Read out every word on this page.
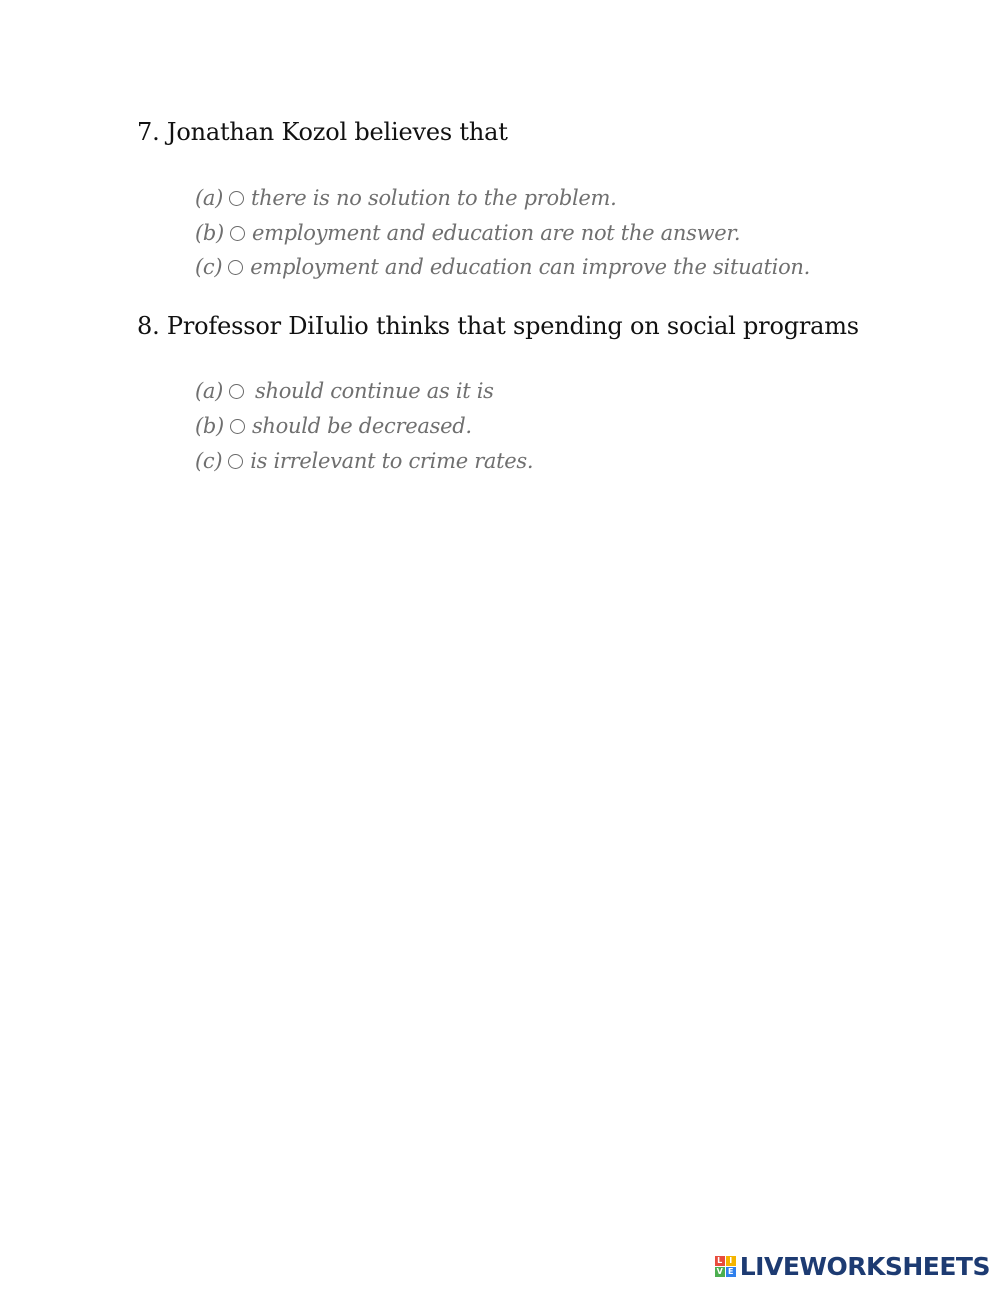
7. Jonathan Kozol believes that
(a) there is no solution to the problem.
(b) employment and education are not the answer.
(c) employment and education can improve the situation.
8. Professor DiIulio thinks that spending on social programs
(a) should continue as it is
(b) should be decreased.
(c) is irrelevant to crime rates.
L I
V E LIVEWORKSHEETS
